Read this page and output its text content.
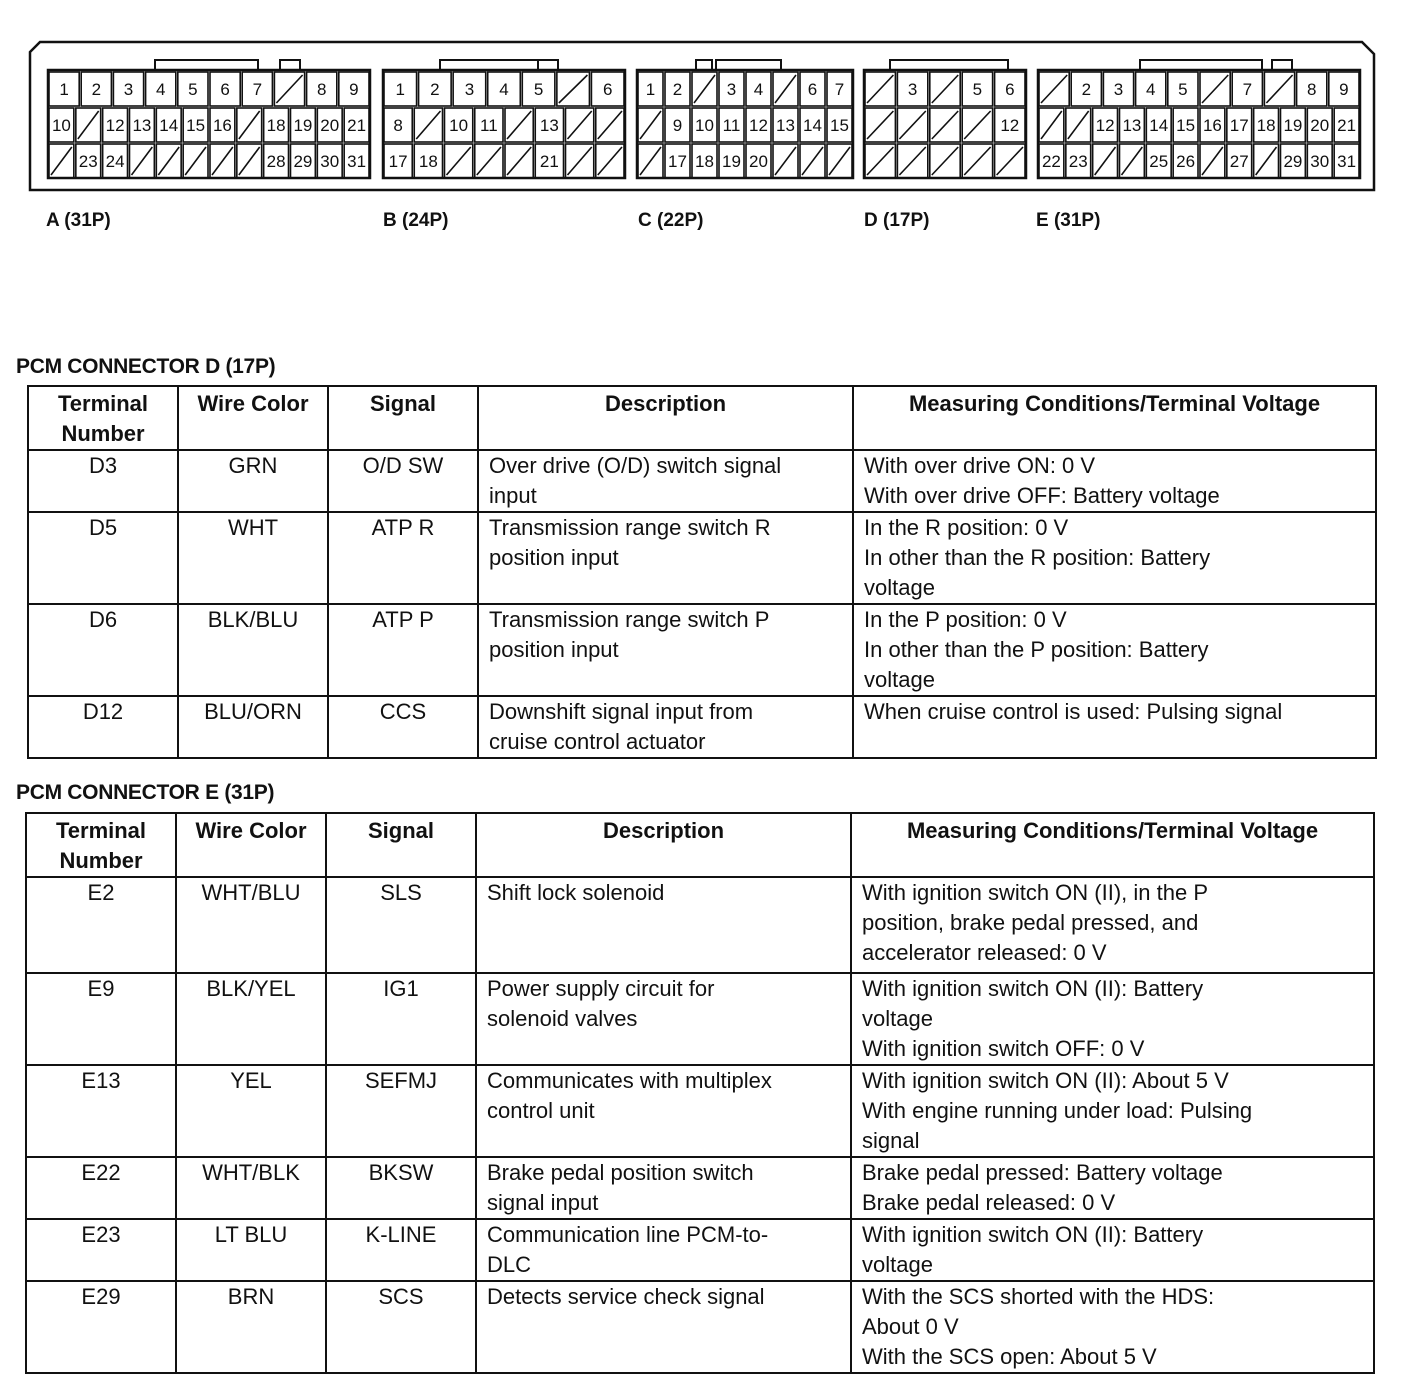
1 2 3 4 5 6 7	8 9
10 12 13 14 15 16 18 19 20 21
23 24	28 29 30 31
1 2 3 4 5	6
8	10 11 13
17 18	21
1 2	3 4	6 7
9 10 11 12 13 14 15
17 18 19 20
3	5 6
12
2 3 4 5	7	8 9
12 13 14 15 16 17 18 19 20 21
22 23	25 26 27 29 30 31
A (31P)	B (24P)	C (22P)	D (17P)	E (31P)
PCM CONNECTOR D (17P)
Terminal
Number	Wire Color	Signal	Description	Measuring Conditions/Terminal Voltage
D3	GRN	O/D SW	Over drive (O/D) switch signal
input	With over drive ON: 0 V
With over drive OFF: Battery voltage

D5	WHT	ATP R	Transmission range switch R
position input	In the R position: 0 V
In other than the R position: Battery
voltage

D6	BLK/BLU	ATP P	Transmission range switch P
position input	In the P position: 0 V
In other than the P position: Battery
voltage

D12	BLU/ORN	CCS	Downshift signal input from
cruise control actuator	When cruise control is used: Pulsing signal
PCM CONNECTOR E (31P)
Terminal
Number	Wire Color	Signal	Description	Measuring Conditions/Terminal Voltage
E2	WHT/BLU	SLS	Shift lock solenoid	With ignition switch ON (II), in the P
position, brake pedal pressed, and
accelerator released: 0 V

E9	BLK/YEL	IG1	Power supply circuit for
solenoid valves	With ignition switch ON (II): Battery
voltage
With ignition switch OFF: 0 V

E13	YEL	SEFMJ	Communicates with multiplex
control unit	With ignition switch ON (II): About 5 V
With engine running under load: Pulsing
signal

E22	WHT/BLK	BKSW	Brake pedal position switch
signal input	Brake pedal pressed: Battery voltage
Brake pedal released: 0 V

E23	LT BLU	K-LINE	Communication line PCM-to-
DLC	With ignition switch ON (II): Battery
voltage

E29	BRN	SCS	Detects service check signal	With the SCS shorted with the HDS:
About 0 V
With the SCS open: About 5 V
